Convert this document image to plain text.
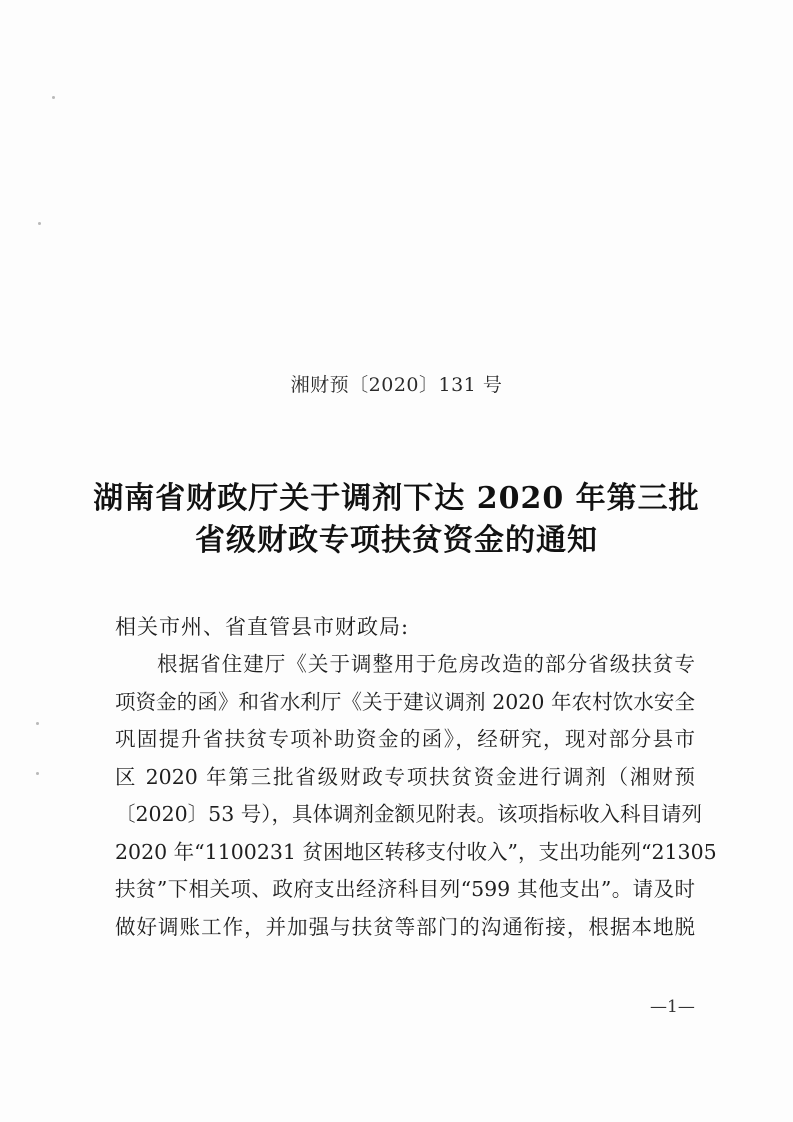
湘财预〔2020〕131 号
湖南省财政厅关于调剂下达 2020 年第三批
省级财政专项扶贫资金的通知
相关市州、省直管县市财政局:
根据省住建厅《关于调整用于危房改造的部分省级扶贫专
项资金的函》和省水利厅《关于建议调剂 2020 年农村饮水安全
巩固提升省扶贫专项补助资金的函》，经研究，现对部分县市
区 2020 年第三批省级财政专项扶贫资金进行调剂（湘财预
〔2020〕53 号），具体调剂金额见附表。该项指标收入科目请列
2020 年“1100231 贫困地区转移支付收入”，支出功能列“21305
扶贫”下相关项、政府支出经济科目列“599 其他支出”。请及时
做好调账工作，并加强与扶贫等部门的沟通衔接，根据本地脱
—1—
